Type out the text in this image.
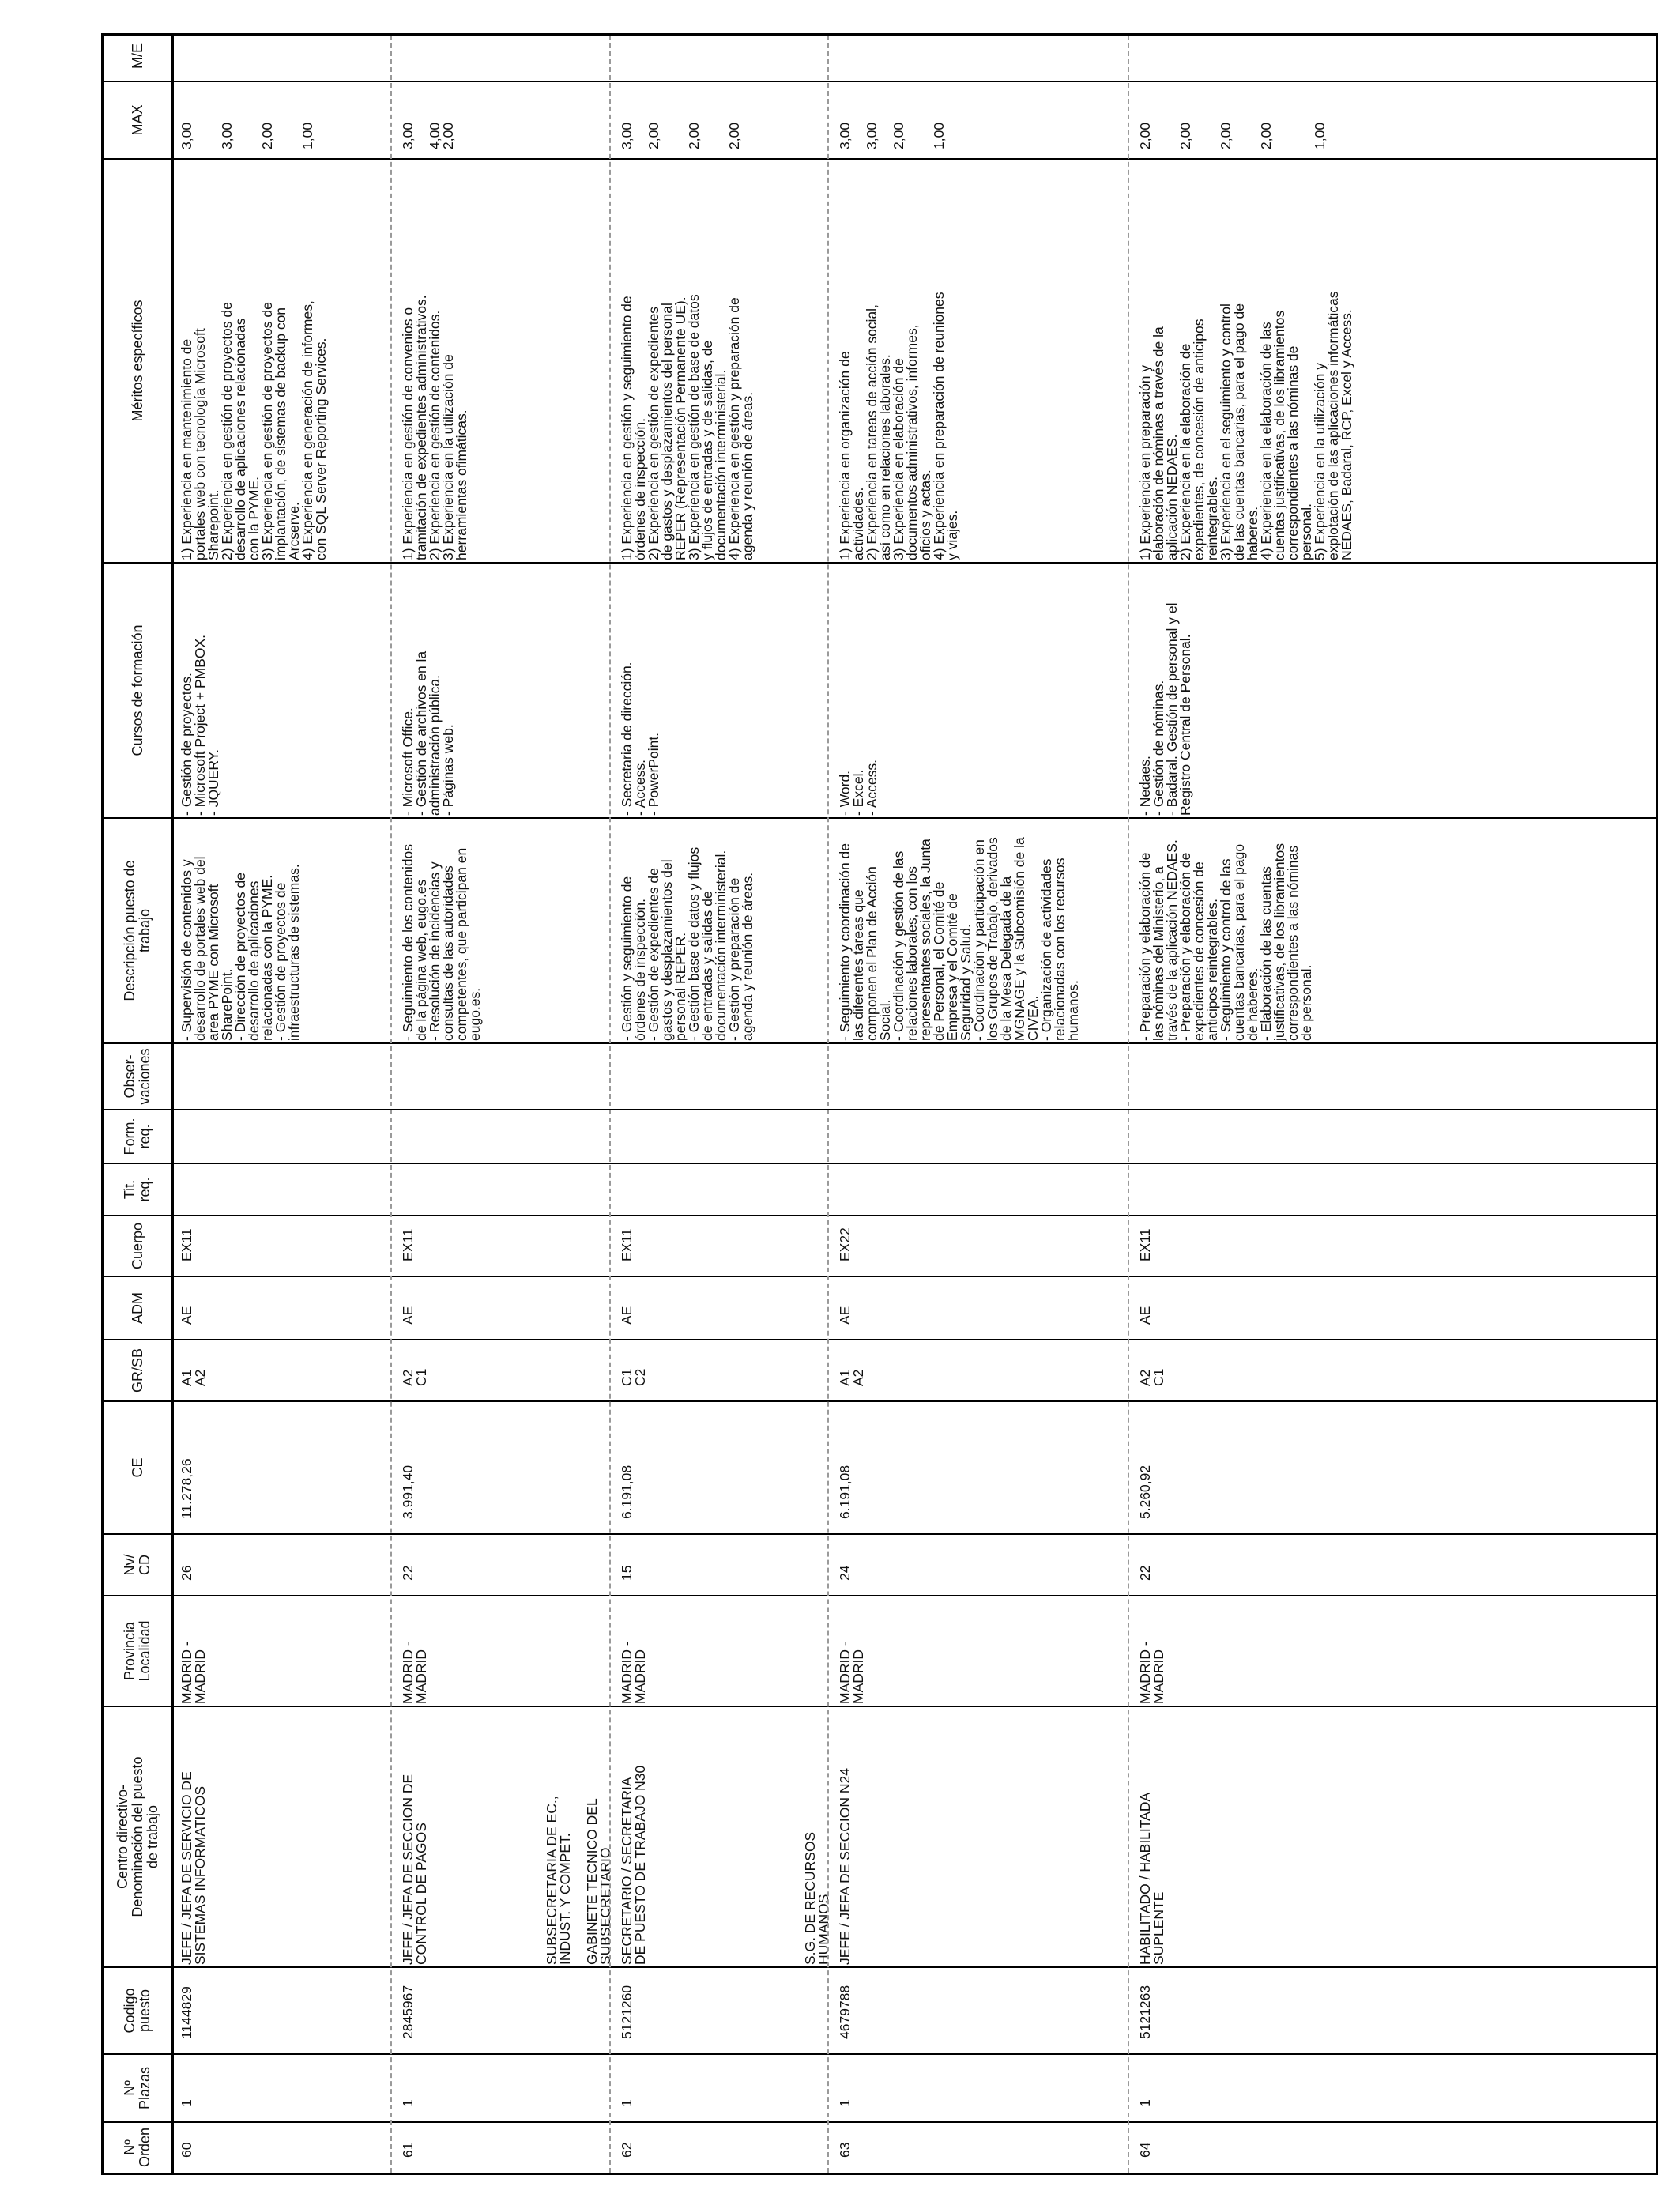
Nº
Orden
Nº
Plazas
Codigo
puesto
Centro directivo-
Denominación del puesto
de trabajo
Provincia
Localidad
Nv/
CD
CE
GR/SB
ADM
Cuerpo
Tit.
req.
Form.
req.
Obser-
vaciones
Descripción puesto de
trabajo
Cursos de formación
Méritos específicos
MAX
M/E
60
1
1144829
MADRID -
MADRID
26
11.278,26
A1
A2
AE
EX11
- Supervisión de contenidos y
desarrollo de portales web del
area PYME con Microsoft
SharePoint.
- Dirección de proyectos de
desarrollo de aplicaciones
relacionadas con la PYME.
- Gestión de proyectos de
infraestructuras de sistemas.
- Gestión de proyectos.
- Microsoft Project + PMBOX.
- JQUERY.
JEFE / JEFA DE SERVICIO DE
SISTEMAS INFORMATICOS
1) Experiencia en mantenimiento de
portales web con tecnología Microsoft
Sharepoint.
3,00
2) Experiencia en gestión de proyectos de
desarrollo de aplicaciones relacionadas
con la PYME.
3,00
3) Experiencia en gestión de proyectos de
implantación, de sistemas de backup con
Arcserve.
2,00
4) Experiencia en generación de informes,
con SQL Server Reporting Services.
1,00
61
1
2845967
MADRID -
MADRID
22
3.991,40
A2
C1
AE
EX11
- Seguimiento de los contenidos
de la página web, eugo.es
- Resolución de incidencias y
consultas de las autoridades
competentes, que participan en
eugo.es.
- Microsoft Office.
- Gestión de archivos en la
administración pública.
- Páginas web.
JEFE / JEFA DE SECCION DE
CONTROL DE PAGOS
1) Experiencia en gestión de convenios o
tramitación de expedientes administrativos.
3,00
2) Experiencia en gestión de contenidos.
4,00
3) Experiencia en la utilización de
herramientas ofimáticas.
2,00
62
1
5121260
MADRID -
MADRID
15
6.191,08
C1
C2
AE
EX11
- Gestión y seguimiento de
órdenes de inspección.
- Gestión de expedientes de
gastos y desplazamientos del
personal REPER.
- Gestión base de datos y flujos
de entradas y salidas de
documentación interministerial.
- Gestión y preparación de
agenda y reunión de áreas.
- Secretaria de dirección.
- Access.
- PowerPoint.
SUBSECRETARIA DE EC.,
INDUST. Y COMPET.

GABINETE TECNICO DEL
SUBSECRETARIO SECRETARIO / SECRETARIA
DE PUESTO DE TRABAJO N30
1) Experiencia en gestión y seguimiento de
órdenes de inspección.
3,00
2) Experiencia en gestión de expedientes
de gastos y desplazamientos del personal
REPER (Representación Permanente UE).
2,00
3) Experiencia en gestión de base de datos
y flujos de entradas y de salidas, de
documentación interministerial.
2,00
4) Experiencia en gestión y preparación de
agenda y reunión de áreas.
2,00
63
1
4679788
MADRID -
MADRID
24
6.191,08
A1
A2
AE
EX22
- Seguimiento y coordinación de
las diferentes tareas que
componen el Plan de Acción
Social.
- Coordinación y gestión de las
relaciones laborales, con los
representantes sociales, la Junta
de Personal, el Comité de
Empresa y el Comité de
Seguridad y Salud.
- Coordinación y participación en
los Grupos de Trabajo, derivados
de la Mesa Delegada de la
MGNAGE y la Subcomisión de la
CIVEA.
- Organización de actividades
relacionadas con los recursos
humanos.
- Word.
- Excel.
- Access.
S.G. DE RECURSOS
HUMANOS JEFE / JEFA DE SECCION N24
1) Experiencia en organización de
actividades.
3,00
2) Experiencia en tareas de acción social,
así como en relaciones laborales.
3,00
3) Experiencia en elaboración de
documentos administrativos, informes,
oficios y actas.
2,00
4) Experiencia en preparación de reuniones
y viajes.
1,00
64
1
5121263
MADRID -
MADRID
22
5.260,92
A2
C1
AE
EX11
- Preparación y elaboración de
las nóminas del Ministerio, a
través de la aplicación NEDAES.
- Preparación y elaboración de
expedientes de concesión de
anticipos reintegrables.
- Seguimiento y control de las
cuentas bancarias, para el pago
de haberes.
- Elaboración de las cuentas
justificativas, de los libramientos
correspondientes a las nóminas
de personal.
- Nedaes.
- Gestión de nóminas.
- Badaral. Gestión de personal y el
Registro Central de Personal.
HABILITADO / HABILITADA
SUPLENTE
1) Experiencia en preparación y
elaboración de nóminas a través de la
aplicación NEDAES.
2,00
2) Experiencia en la elaboración de
expedientes, de concesión de anticipos
reintegrables.
2,00
3) Experiencia en el seguimiento y control
de las cuentas bancarias, para el pago de
haberes.
2,00
4) Experiencia en la elaboración de las
cuentas justificativas, de los libramientos
correspondientes a las nóminas de
personal.
2,00
5) Experiencia en la utilización y
explotación de las aplicaciones informáticas
NEDAES, Badaral, RCP, Excel y Access.
1,00
